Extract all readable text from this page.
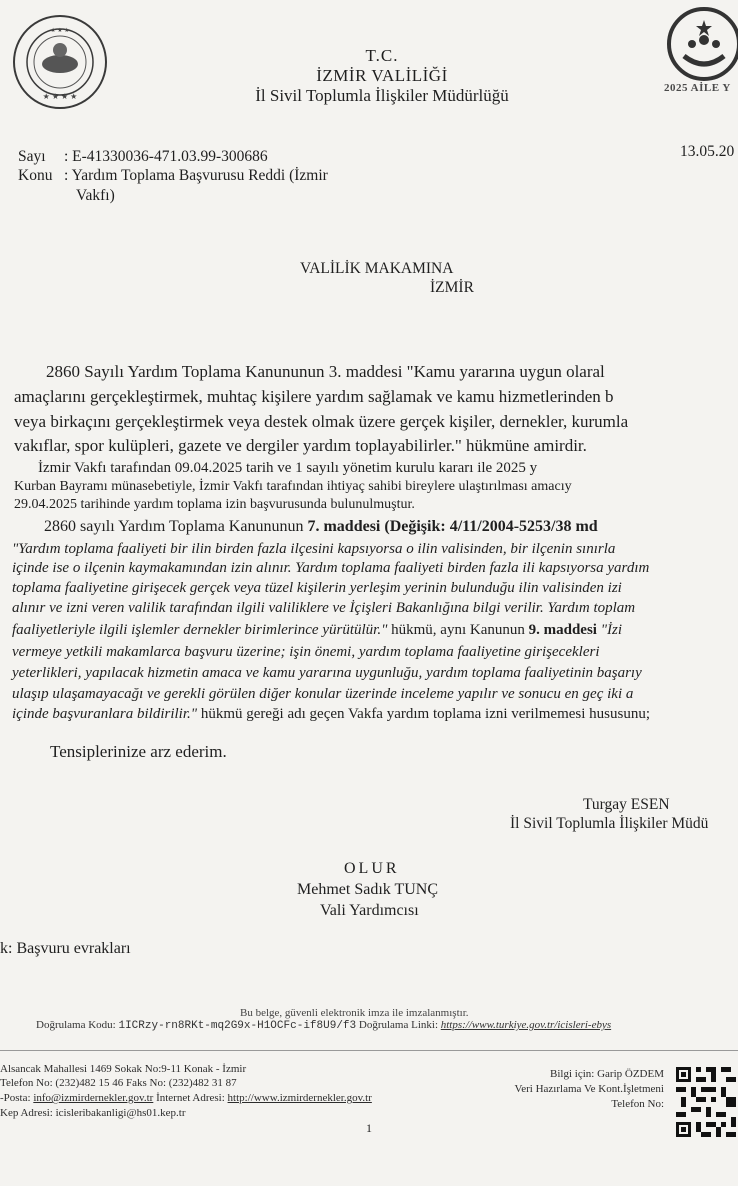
★ ★ ★ ★
★ ★ ★
T.C.
İZMİR VALİLİĞİ
İl Sivil Toplumla İlişkiler Müdürlüğü	2025 AİLE Y
Sayı : E-41330036-471.03.99-300686	13.05.20
Konu : Yardım Toplama Başvurusu Reddi (İzmir
Vakfı)
VALİLİK MAKAMINA
İZMİR
2860 Sayılı Yardım Toplama Kanununun 3. maddesi "Kamu yararına uygun olaral
amaçlarını gerçekleştirmek, muhtaç kişilere yardım sağlamak ve kamu hizmetlerinden b
veya birkaçını gerçekleştirmek veya destek olmak üzere gerçek kişiler, dernekler, kurumla
vakıflar, spor kulüpleri, gazete ve dergiler yardım toplayabilirler." hükmüne amirdir.
İzmir Vakfı tarafından 09.04.2025 tarih ve 1 sayılı yönetim kurulu kararı ile 2025 y
Kurban Bayramı münasebetiyle, İzmir Vakfı tarafından ihtiyaç sahibi bireylere ulaştırılması amacıy
29.04.2025 tarihinde yardım toplama izin başvurusunda bulunulmuştur.
2860 sayılı Yardım Toplama Kanununun 7. maddesi (Değişik: 4/11/2004-5253/38 md
"Yardım toplama faaliyeti bir ilin birden fazla ilçesini kapsıyorsa o ilin valisinden, bir ilçenin sınırla
içinde ise o ilçenin kaymakamından izin alınır. Yardım toplama faaliyeti birden fazla ili kapsıyorsa yardım
toplama faaliyetine girişecek gerçek veya tüzel kişilerin yerleşim yerinin bulunduğu ilin valisinden izi
alınır ve izni veren valilik tarafından ilgili valiliklere ve İçişleri Bakanlığına bilgi verilir. Yardım toplam
faaliyetleriyle ilgili işlemler dernekler birimlerince yürütülür." hükmü, aynı Kanunun 9. maddesi "İzi
vermeye yetkili makamlarca başvuru üzerine; işin önemi, yardım toplama faaliyetine girişecekleri
yeterlikleri, yapılacak hizmetin amaca ve kamu yararına uygunluğu, yardım toplama faaliyetinin başarıy
ulaşıp ulaşamayacağı ve gerekli görülen diğer konular üzerinde inceleme yapılır ve sonucu en geç iki a
içinde başvuranlara bildirilir." hükmü gereği adı geçen Vakfa yardım toplama izni verilmemesi hususunu;
Tensiplerinize arz ederim.
Turgay ESEN
İl Sivil Toplumla İlişkiler Müdü
OLUR
Mehmet Sadık TUNÇ
Vali Yardımcısı
k: Başvuru evrakları
Bu belge, güvenli elektronik imza ile imzalanmıştır.
Doğrulama Kodu: 1ICRzy-rn8RKt-mq2G9x-H1OCFc-if8U9/f3 Doğrulama Linki: https://www.turkiye.gov.tr/icisleri-ebys
Alsancak Mahallesi 1469 Sokak No:9-11 Konak - İzmir
Telefon No: (232)482 15 46 Faks No: (232)482 31 87
-Posta: info@izmirdernekler.gov.tr İnternet Adresi: http://www.izmirdernekler.gov.tr
Kep Adresi: icisleribakanligi@hs01.kep.tr
Bilgi için: Garip ÖZDEM
Veri Hazırlama Ve Kont.İşletmeni
Telefon No:
1
